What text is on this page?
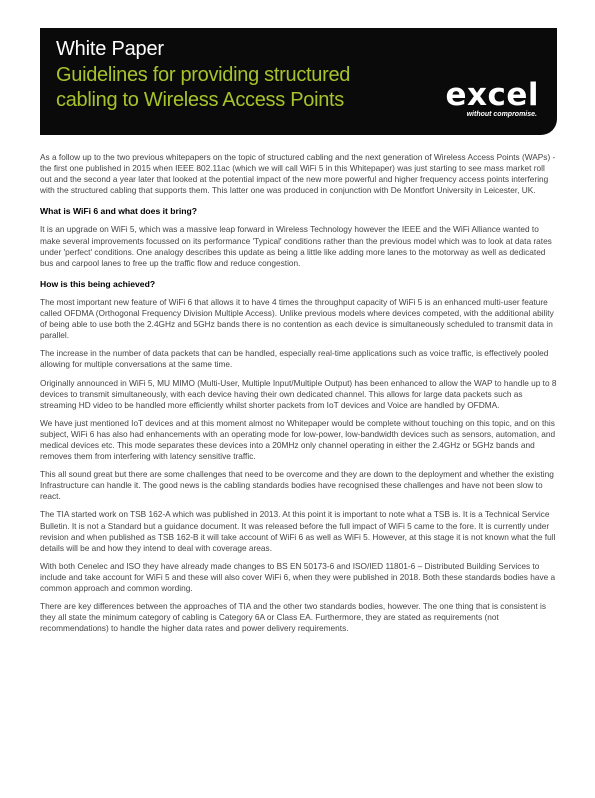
White Paper
Guidelines for providing structured
cabling to Wireless Access Points	excel
without compromise.

As a follow up to the two previous whitepapers on the topic of structured cabling and the next generation of Wireless Access Points (WAPs) - the first one published in 2015 when IEEE 802.11ac (which we will call WiFi 5 in this Whitepaper) was just starting to see mass market roll out and the second a year later that looked at the potential impact of the new more powerful and higher frequency access points interfering with the structured cabling that supports them. This latter one was produced in conjunction with De Montfort University in Leicester, UK.

What is WiFi 6 and what does it bring?

It is an upgrade on WiFi 5, which was a massive leap forward in Wireless Technology however the IEEE and the WiFi Alliance wanted to make several improvements focussed on its performance 'Typical' conditions rather than the previous model which was to look at data rates under 'perfect' conditions. One analogy describes this update as being a little like adding more lanes to the motorway as well as dedicated bus and carpool lanes to free up the traffic flow and reduce congestion.

How is this being achieved?

The most important new feature of WiFi 6 that allows it to have 4 times the throughput capacity of WiFi 5 is an enhanced multi-user feature called OFDMA (Orthogonal Frequency Division Multiple Access). Unlike previous models where devices competed, with the additional ability of being able to use both the 2.4GHz and 5GHz bands there is no contention as each device is simultaneously scheduled to transmit data in parallel.

The increase in the number of data packets that can be handled, especially real-time applications such as voice traffic, is effectively pooled allowing for multiple conversations at the same time.

Originally announced in WiFi 5, MU MIMO (Multi-User, Multiple Input/Multiple Output) has been enhanced to allow the WAP to handle up to 8 devices to transmit simultaneously, with each device having their own dedicated channel. This allows for large data packets such as streaming HD video to be handled more efficiently whilst shorter packets from IoT devices and Voice are handled by OFDMA.

We have just mentioned IoT devices and at this moment almost no Whitepaper would be complete without touching on this topic, and on this subject, WiFi 6 has also had enhancements with an operating mode for low-power, low-bandwidth devices such as sensors, automation, and medical devices etc. This mode separates these devices into a 20MHz only channel operating in either the 2.4GHz or 5GHz bands and removes them from interfering with latency sensitive traffic.

This all sound great but there are some challenges that need to be overcome and they are down to the deployment and whether the existing Infrastructure can handle it. The good news is the cabling standards bodies have recognised these challenges and have not been slow to react.

The TIA started work on TSB 162-A which was published in 2013. At this point it is important to note what a TSB is. It is a Technical Service Bulletin. It is not a Standard but a guidance document. It was released before the full impact of WiFi 5 came to the fore. It is currently under revision and when published as TSB 162-B it will take account of WiFi 6 as well as WiFi 5. However, at this stage it is not known what the full details will be and how they intend to deal with coverage areas.

With both Cenelec and ISO they have already made changes to BS EN 50173-6 and ISO/IED 11801-6 – Distributed Building Services to include and take account for WiFi 5 and these will also cover WiFi 6, when they were published in 2018. Both these standards bodies have a common approach and common wording.

There are key differences between the approaches of TIA and the other two standards bodies, however. The one thing that is consistent is they all state the minimum category of cabling is Category 6A or Class EA. Furthermore, they are stated as requirements (not recommendations) to handle the higher data rates and power delivery requirements.
